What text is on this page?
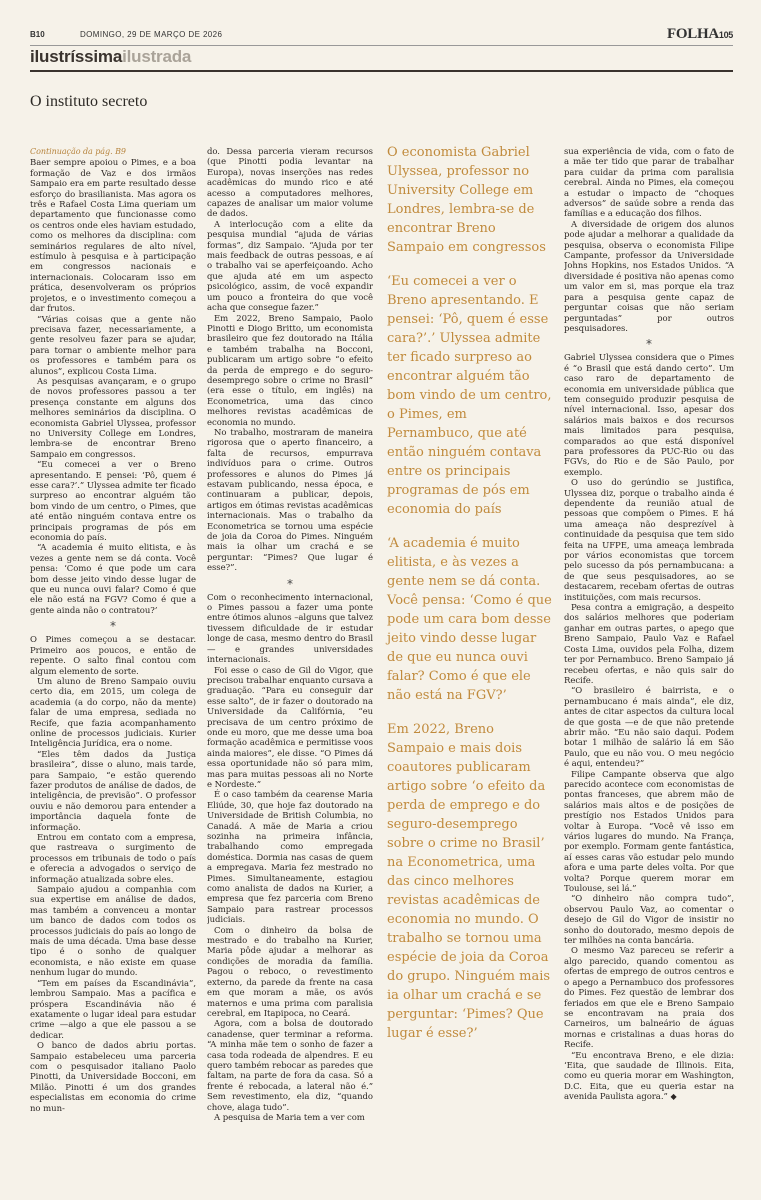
B10	DOMINGO, 29 DE MARÇO DE 2026	FOLHA105
ilustríssimailustrada
O instituto secreto
Continuação da pág. B9

Baer sempre apoiou o Pimes, e a boa formação de Vaz e dos irmãos Sampaio era em parte resultado desse esforço do brasilianista. Mas agora os três e Rafael Costa Lima queriam um departamento que funcionasse como os centros onde eles haviam estudado, como os melhores da disciplina: com seminários regulares de alto nível, estímulo à pesquisa e à participação em congressos nacionais e internacionais. Colocaram isso em prática, desenvolveram os próprios projetos, e o investimento começou a dar frutos.

“Várias coisas que a gente não precisava fazer, necessariamente, a gente resolveu fazer para se ajudar, para tornar o ambiente melhor para os professores e também para os alunos”, explicou Costa Lima.

As pesquisas avançaram, e o grupo de novos professores passou a ter presença constante em alguns dos melhores seminários da disciplina. O economista Gabriel Ulyssea, professor no University College em Londres, lembra-se de encontrar Breno Sampaio em congressos.

“Eu comecei a ver o Breno apresentando. E pensei: ‘Pô, quem é esse cara?’.” Ulyssea admite ter ficado surpreso ao encontrar alguém tão bom vindo de um centro, o Pimes, que até então ninguém contava entre os principais programas de pós em economia do país.

“A academia é muito elitista, e às vezes a gente nem se dá conta. Você pensa: ‘Como é que pode um cara bom desse jeito vindo desse lugar de que eu nunca ouvi falar? Como é que ele não está na FGV? Como é que a gente ainda não o contratou?’

*

O Pimes começou a se destacar. Primeiro aos poucos, e então de repente. O salto final contou com algum elemento de sorte.

Um aluno de Breno Sampaio ouviu certo dia, em 2015, um colega de academia (a do corpo, não da mente) falar de uma empresa, sediada no Recife, que fazia acompanhamento online de processos judiciais. Kurier Inteligência Jurídica, era o nome.

“Eles têm dados da Justiça brasileira”, disse o aluno, mais tarde, para Sampaio, “e estão querendo fazer produtos de análise de dados, de inteligência, de previsão”. O professor ouviu e não demorou para entender a importância daquela fonte de informação.

Entrou em contato com a empresa, que rastreava o surgimento de processos em tribunais de todo o país e oferecia a advogados o serviço de informação atualizada sobre eles.

Sampaio ajudou a companhia com sua expertise em análise de dados, mas também a convenceu a montar um banco de dados com todos os processos judiciais do país ao longo de mais de uma década. Uma base desse tipo é o sonho de qualquer economista, e não existe em quase nenhum lugar do mundo.

“Tem em países da Escandinávia”, lembrou Sampaio. Mas a pacífica e próspera Escandinávia não é exatamente o lugar ideal para estudar crime —algo a que ele passou a se dedicar.

O banco de dados abriu portas. Sampaio estabeleceu uma parceria com o pesquisador italiano Paolo Pinotti, da Universidade Bocconi, em Milão. Pinotti é um dos grandes especialistas em economia do crime no mun-

do. Dessa parceria vieram recursos (que Pinotti podia levantar na Europa), novas inserções nas redes acadêmicas do mundo rico e até acesso a computadores melhores, capazes de analisar um maior volume de dados.

A interlocução com a elite da pesquisa mundial “ajuda de várias formas”, diz Sampaio. “Ajuda por ter mais feedback de outras pessoas, e aí o trabalho vai se aperfeiçoando. Acho que ajuda até em um aspecto psicológico, assim, de você expandir um pouco a fronteira do que você acha que consegue fazer.”

Em 2022, Breno Sampaio, Paolo Pinotti e Diogo Britto, um economista brasileiro que fez doutorado na Itália e também trabalha na Bocconi, publicaram um artigo sobre “o efeito da perda de emprego e do seguro-desemprego sobre o crime no Brasil” (era esse o título, em inglês) na Econometrica, uma das cinco melhores revistas acadêmicas de economia no mundo.

No trabalho, mostraram de maneira rigorosa que o aperto financeiro, a falta de recursos, empurrava indivíduos para o crime. Outros professores e alunos do Pimes já estavam publicando, nessa época, e continuaram a publicar, depois, artigos em ótimas revistas acadêmicas internacionais. Mas o trabalho da Econometrica se tornou uma espécie de joia da Coroa do Pimes. Ninguém mais ia olhar um crachá e se perguntar: “Pimes? Que lugar é esse?”.

*

Com o reconhecimento internacional, o Pimes passou a fazer uma ponte entre ótimos alunos –alguns que talvez tivessem dificuldade de ir estudar longe de casa, mesmo dentro do Brasil— e grandes universidades internacionais.

Foi esse o caso de Gil do Vigor, que precisou trabalhar enquanto cursava a graduação. “Para eu conseguir dar esse salto”, de ir fazer o doutorado na Universidade da Califórnia, “eu precisava de um centro próximo de onde eu moro, que me desse uma boa formação acadêmica e permitisse voos ainda maiores”, ele disse. “O Pimes dá essa oportunidade não só para mim, mas para muitas pessoas ali no Norte e Nordeste.”

É o caso também da cearense Maria Eliúde, 30, que hoje faz doutorado na Universidade de British Columbia, no Canadá. A mãe de Maria a criou sozinha na primeira infância, trabalhando como empregada doméstica. Dormia nas casas de quem a empregava. Maria fez mestrado no Pimes. Simultaneamente, estagiou como analista de dados na Kurier, a empresa que fez parceria com Breno Sampaio para rastrear processos judiciais.

Com o dinheiro da bolsa de mestrado e do trabalho na Kurier, Maria pôde ajudar a melhorar as condições de moradia da família. Pagou o reboco, o revestimento externo, da parede da frente na casa em que moram a mãe, os avós maternos e uma prima com paralisia cerebral, em Itapipoca, no Ceará.

Agora, com a bolsa de doutorado canadense, quer terminar a reforma. “A minha mãe tem o sonho de fazer a casa toda rodeada de alpendres. E eu quero também rebocar as paredes que faltam, na parte de fora da casa. Só a frente é rebocada, a lateral não é.” Sem revestimento, ela diz, “quando chove, alaga tudo”.

A pesquisa de Maria tem a ver com

O economista Gabriel Ulyssea, professor no University College em Londres, lembra-se de encontrar Breno Sampaio em congressos

‘Eu comecei a ver o Breno apresentando. E pensei: ‘Pô, quem é esse cara?’.’ Ulyssea admite ter ficado surpreso ao encontrar alguém tão bom vindo de um centro, o Pimes, em Pernambuco, que até então ninguém contava entre os principais programas de pós em economia do país

‘A academia é muito elitista, e às vezes a gente nem se dá conta. Você pensa: ‘Como é que pode um cara bom desse jeito vindo desse lugar de que eu nunca ouvi falar? Como é que ele não está na FGV?’

Em 2022, Breno Sampaio e mais dois coautores publicaram artigo sobre ‘o efeito da perda de emprego e do seguro-desemprego sobre o crime no Brasil’ na Econometrica, uma das cinco melhores revistas acadêmicas de economia no mundo. O trabalho se tornou uma espécie de joia da Coroa do grupo. Ninguém mais ia olhar um crachá e se perguntar: ‘Pimes? Que lugar é esse?’

sua experiência de vida, com o fato de a mãe ter tido que parar de trabalhar para cuidar da prima com paralisia cerebral. Ainda no Pimes, ela começou a estudar o impacto de “choques adversos” de saúde sobre a renda das famílias e a educação dos filhos.

A diversidade de origem dos alunos pode ajudar a melhorar a qualidade da pesquisa, observa o economista Filipe Campante, professor da Universidade Johns Hopkins, nos Estados Unidos. “A diversidade é positiva não apenas como um valor em si, mas porque ela traz para a pesquisa gente capaz de perguntar coisas que não seriam perguntadas” por outros pesquisadores.

*

Gabriel Ulyssea considera que o Pimes é “o Brasil que está dando certo”. Um caso raro de departamento de economia em universidade pública que tem conseguido produzir pesquisa de nível internacional. Isso, apesar dos salários mais baixos e dos recursos mais limitados para pesquisa, comparados ao que está disponível para professores da PUC-Rio ou das FGVs, do Rio e de São Paulo, por exemplo.

O uso do gerúndio se justifica, Ulyssea diz, porque o trabalho ainda é dependente da reunião atual de pessoas que compõem o Pimes. E há uma ameaça não desprezível à continuidade da pesquisa que tem sido feita na UFPE, uma ameaça lembrada por vários economistas que torcem pelo sucesso da pós pernambucana: a de que seus pesquisadores, ao se destacarem, recebam ofertas de outras instituições, com mais recursos.

Pesa contra a emigração, a despeito dos salários melhores que poderiam ganhar em outras partes, o apego que Breno Sampaio, Paulo Vaz e Rafael Costa Lima, ouvidos pela Folha, dizem ter por Pernambuco. Breno Sampaio já recebeu ofertas, e não quis sair do Recife.

“O brasileiro é bairrista, e o pernambucano é mais ainda”, ele diz, antes de citar aspectos da cultura local de que gosta —e de que não pretende abrir mão. “Eu não saio daqui. Podem botar 1 milhão de salário lá em São Paulo, que eu não vou. O meu negócio é aqui, entendeu?”

Filipe Campante observa que algo parecido acontece com economistas de pontas franceses, que abrem mão de salários mais altos e de posições de prestígio nos Estados Unidos para voltar à Europa. “Você vê isso em vários lugares do mundo. Na França, por exemplo. Formam gente fantástica, aí esses caras vão estudar pelo mundo afora e uma parte deles volta. Por que volta? Porque querem morar em Toulouse, sei lá.”

“O dinheiro não compra tudo”, observou Paulo Vaz, ao comentar o desejo de Gil do Vigor de insistir no sonho do doutorado, mesmo depois de ter milhões na conta bancária.

O mesmo Vaz pareceu se referir a algo parecido, quando comentou as ofertas de emprego de outros centros e o apego a Pernambuco dos professores do Pimes. Fez questão de lembrar dos feriados em que ele e Breno Sampaio se encontravam na praia dos Carneiros, um balneário de águas mornas e cristalinas a duas horas do Recife.

“Eu encontrava Breno, e ele dizia: ‘Eita, que saudade de Illinois. Eita, como eu queria morar em Washington, D.C. Eita, que eu queria estar na avenida Paulista agora.” ◆
